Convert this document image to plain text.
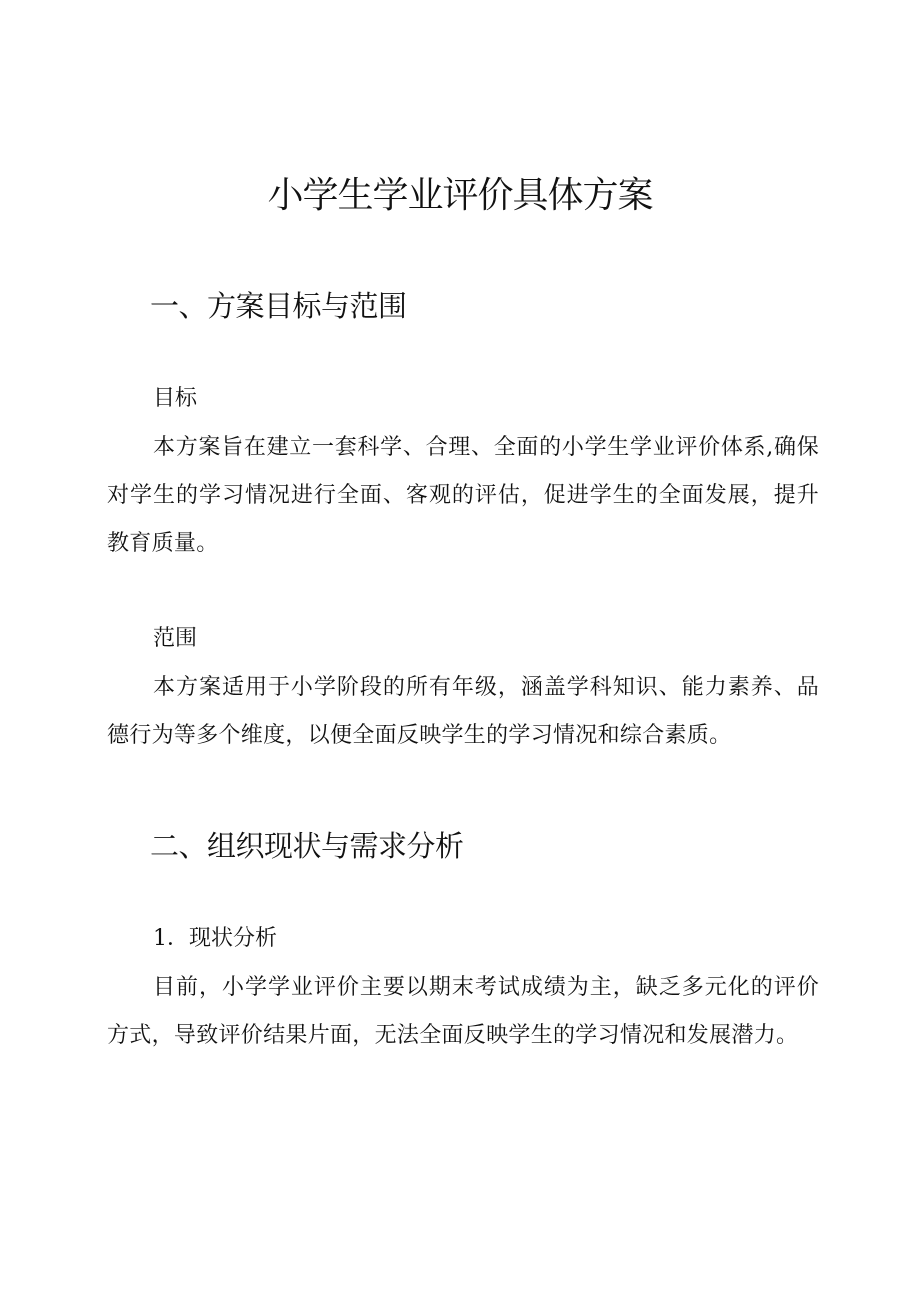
小学生学业评价具体方案
一、方案目标与范围
目标

本方案旨在建立一套科学、合理、全面的小学生学业评价体系,确保对学生的学习情况进行全面、客观的评估，促进学生的全面发展，提升教育质量。

范围

本方案适用于小学阶段的所有年级，涵盖学科知识、能力素养、品德行为等多个维度，以便全面反映学生的学习情况和综合素质。

二、组织现状与需求分析
1．现状分析

目前，小学学业评价主要以期末考试成绩为主，缺乏多元化的评价方式，导致评价结果片面，无法全面反映学生的学习情况和发展潜力。
